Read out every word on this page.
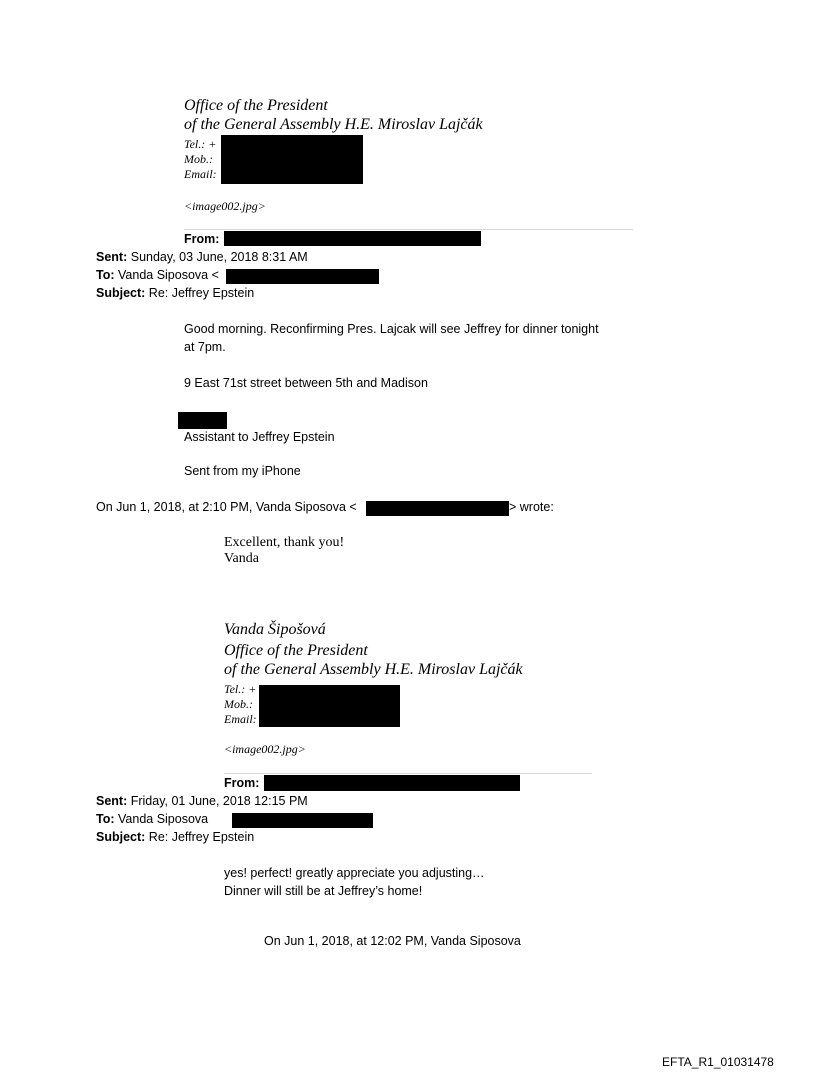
Office of the President
of the General Assembly H.E. Miroslav Lajčák
Tel.: +
Mob.:
Email:
<image002.jpg>
From:
Sent: Sunday, 03 June, 2018 8:31 AM
To: Vanda Siposova <
Subject: Re: Jeffrey Epstein
Good morning. Reconfirming Pres. Lajcak will see Jeffrey for dinner tonight
at 7pm.
9 East 71st street between 5th and Madison
Assistant to Jeffrey Epstein
Sent from my iPhone
On Jun 1, 2018, at 2:10 PM, Vanda Siposova <	> wrote:
Excellent, thank you!
Vanda
Vanda Šipošová
Office of the President
of the General Assembly H.E. Miroslav Lajčák
Tel.: +
Mob.:
Email:
<image002.jpg>
From:
Sent: Friday, 01 June, 2018 12:15 PM
To: Vanda Siposova
Subject: Re: Jeffrey Epstein
yes! perfect! greatly appreciate you adjusting…
Dinner will still be at Jeffrey’s home!
On Jun 1, 2018, at 12:02 PM, Vanda Siposova
EFTA_R1_01031478
